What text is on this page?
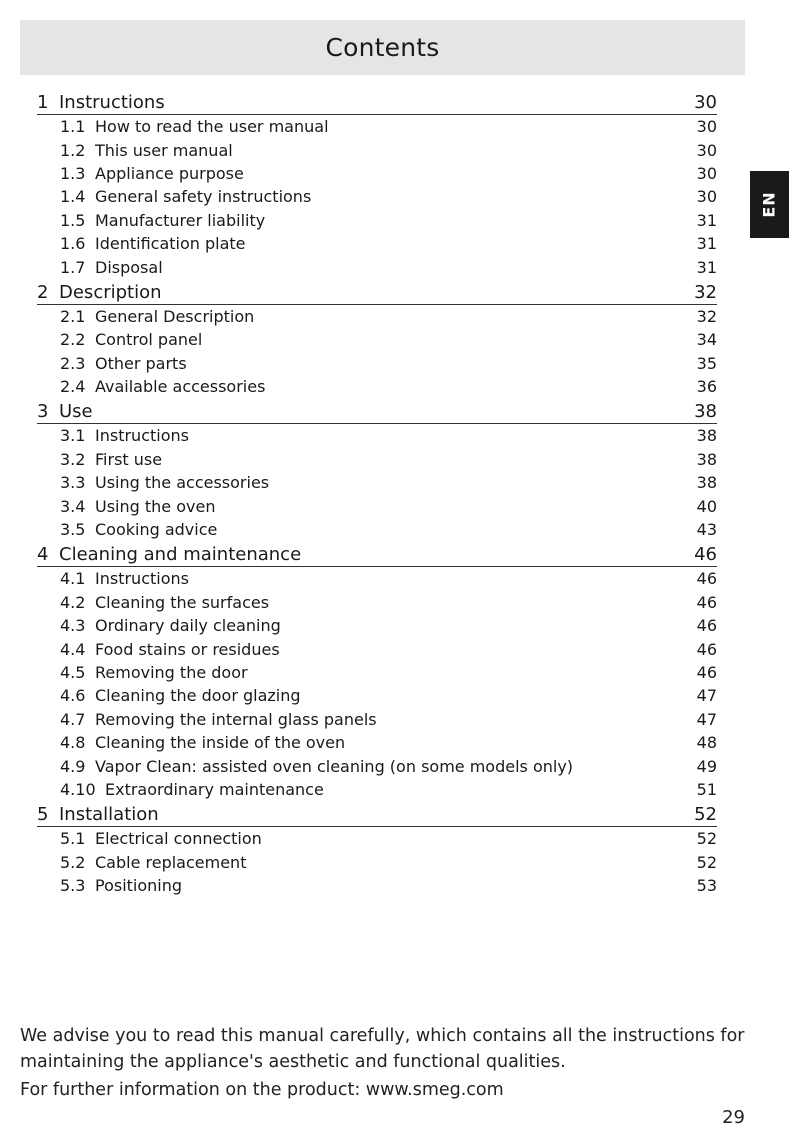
Contents
EN
1 Instructions	30
1.1 How to read the user manual	30
1.2 This user manual	30
1.3 Appliance purpose	30
1.4 General safety instructions	30
1.5 Manufacturer liability	31
1.6 Identification plate	31
1.7 Disposal	31
2 Description	32
2.1 General Description	32
2.2 Control panel	34
2.3 Other parts	35
2.4 Available accessories	36
3 Use	38
3.1 Instructions	38
3.2 First use	38
3.3 Using the accessories	38
3.4 Using the oven	40
3.5 Cooking advice	43
4 Cleaning and maintenance	46
4.1 Instructions	46
4.2 Cleaning the surfaces	46
4.3 Ordinary daily cleaning	46
4.4 Food stains or residues	46
4.5 Removing the door	46
4.6 Cleaning the door glazing	47
4.7 Removing the internal glass panels	47
4.8 Cleaning the inside of the oven	48
4.9 Vapor Clean: assisted oven cleaning (on some models only)	49
4.10 Extraordinary maintenance	51
5 Installation	52
5.1 Electrical connection	52
5.2 Cable replacement	52
5.3 Positioning	53

We advise you to read this manual carefully, which contains all the instructions for

maintaining the appliance's aesthetic and functional qualities.

For further information on the product: www.smeg.com

29
